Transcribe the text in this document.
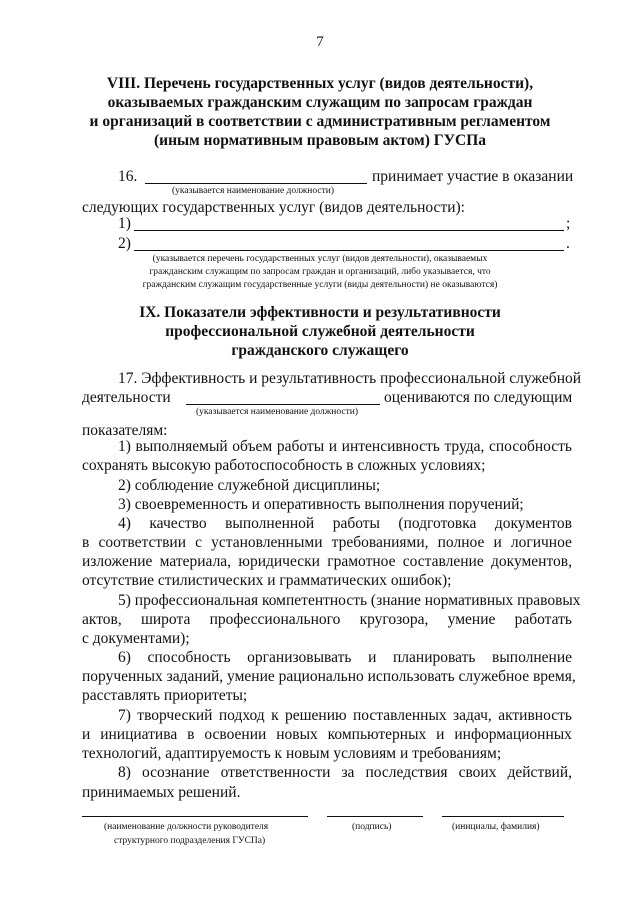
7
VIII. Перечень государственных услуг (видов деятельности),
оказываемых гражданским служащим по запросам граждан
и организаций в соответствии с административным регламентом
(иным нормативным правовым актом) ГУСПа
16.	принимает участие в оказании
(указывается наименование должности)
следующих государственных услуг (видов деятельности):
1)	;
2)	.
(указывается перечень государственных услуг (видов деятельности), оказываемых
гражданским служащим по запросам граждан и организаций, либо указывается, что
гражданским служащим государственные услуги (виды деятельности) не оказываются)
IX. Показатели эффективности и результативности
профессиональной служебной деятельности
гражданского служащего
17. Эффективность и результативность профессиональной служебной
деятельности	оцениваются по следующим
(указывается наименование должности)
показателям:
1) выполняемый объем работы и интенсивность труда, способность
сохранять высокую работоспособность в сложных условиях;
2) соблюдение служебной дисциплины;
3) своевременность и оперативность выполнения поручений;
4) качество выполненной работы (подготовка документов
в соответствии с установленными требованиями, полное и логичное
изложение материала, юридически грамотное составление документов,
отсутствие стилистических и грамматических ошибок);
5) профессиональная компетентность (знание нормативных правовых
актов, широта профессионального кругозора, умение работать
с документами);
6) способность организовывать и планировать выполнение
порученных заданий, умение рационально использовать служебное время,
расставлять приоритеты;
7) творческий подход к решению поставленных задач, активность
и инициатива в освоении новых компьютерных и информационных
технологий, адаптируемость к новым условиям и требованиям;
8) осознание ответственности за последствия своих действий,
принимаемых решений.
(наименование должности руководителя
структурного подразделения ГУСПа)
(подпись)	(инициалы, фамилия)
